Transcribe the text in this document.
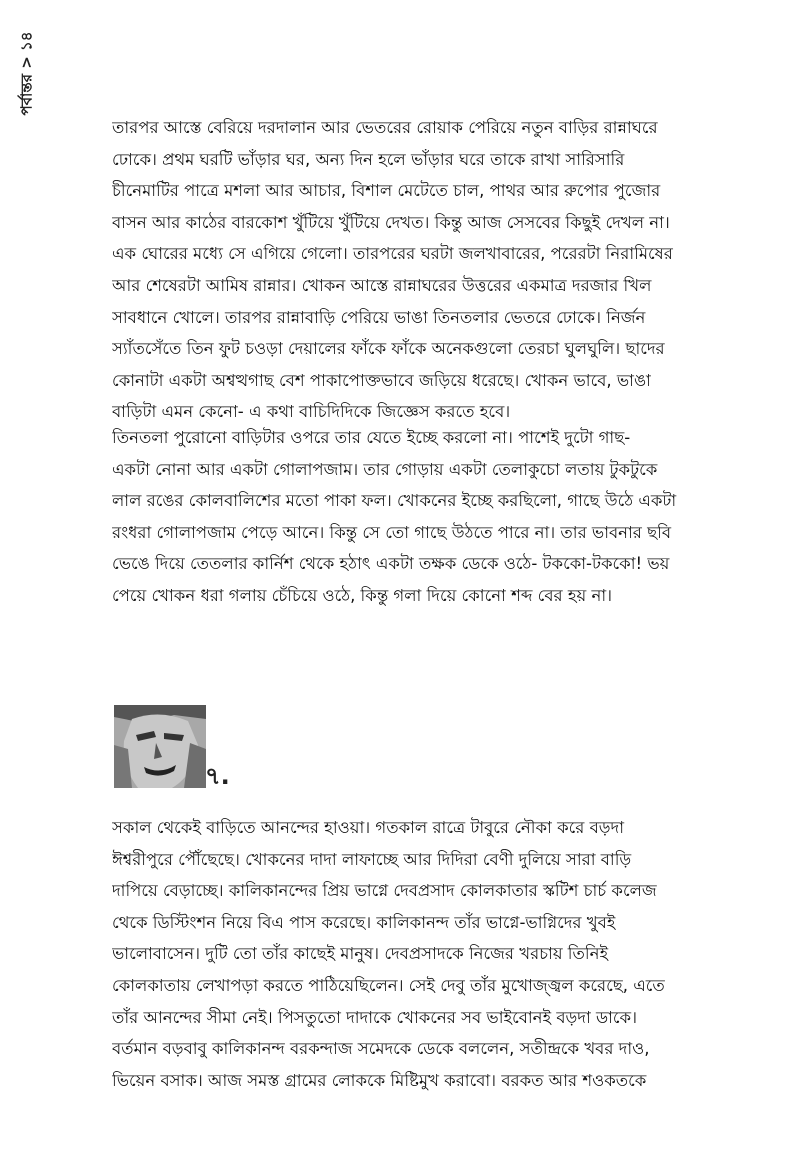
পর্বান্তর > ১৪
তারপর আস্তে বেরিয়ে দরদালান আর ভেতরের রোয়াক পেরিয়ে নতুন বাড়ির রান্নাঘরে
ঢোকে। প্রথম ঘরটি ভাঁড়ার ঘর, অন্য দিন হলে ভাঁড়ার ঘরে তাকে রাখা সারিসারি
চীনেমাটির পাত্রে মশলা আর আচার, বিশাল মেটেতে চাল, পাথর আর রুপোর পুজোর
বাসন আর কাঠের বারকোশ খুঁটিয়ে খুঁটিয়ে দেখত। কিন্তু আজ সেসবের কিছুই দেখল না।
এক ঘোরের মধ্যে সে এগিয়ে গেলো। তারপরের ঘরটা জলখাবারের, পরেরটা নিরামিষের
আর শেষেরটা আমিষ রান্নার। খোকন আস্তে রান্নাঘরের উত্তরের একমাত্র দরজার খিল
সাবধানে খোলে। তারপর রান্নাবাড়ি পেরিয়ে ভাঙা তিনতলার ভেতরে ঢোকে। নির্জন
স্যাঁতসেঁতে তিন ফুট চওড়া দেয়ালের ফাঁকে ফাঁকে অনেকগুলো তেরচা ঘুলঘুলি। ছাদের
কোনাটা একটা অশ্বত্থগাছ বেশ পাকাপোক্তভাবে জড়িয়ে ধরেছে। খোকন ভাবে, ভাঙা
বাড়িটা এমন কেনো- এ কথা বাচিদিদিকে জিজ্ঞেস করতে হবে।
তিনতলা পুরোনো বাড়িটার ওপরে তার যেতে ইচ্ছে করলো না। পাশেই দুটো গাছ-
একটা নোনা আর একটা গোলাপজাম। তার গোড়ায় একটা তেলাকুচো লতায় টুকটুকে
লাল রঙের কোলবালিশের মতো পাকা ফল। খোকনের ইচ্ছে করছিলো, গাছে উঠে একটা
রংধরা গোলাপজাম পেড়ে আনে। কিন্তু সে তো গাছে উঠতে পারে না। তার ভাবনার ছবি
ভেঙে দিয়ে তেতলার কার্নিশ থেকে হঠাৎ একটা তক্ষক ডেকে ওঠে- টককো-টককো! ভয়
পেয়ে খোকন ধরা গলায় চেঁচিয়ে ওঠে, কিন্তু গলা দিয়ে কোনো শব্দ বের হয় না।
৭.
সকাল থেকেই বাড়িতে আনন্দের হাওয়া। গতকাল রাত্রে টাবুরে নৌকা করে বড়দা
ঈশ্বরীপুরে পৌঁছেছে। খোকনের দাদা লাফাচ্ছে আর দিদিরা বেণী দুলিয়ে সারা বাড়ি
দাপিয়ে বেড়াচ্ছে। কালিকানন্দের প্রিয় ভাগ্নে দেবপ্রসাদ কোলকাতার স্কটিশ চার্চ কলেজ
থেকে ডিস্টিংশন নিয়ে বিএ পাস করেছে। কালিকানন্দ তাঁর ভাগ্নে-ভাগ্নিদের খুবই
ভালোবাসেন। দুটি তো তাঁর কাছেই মানুষ। দেবপ্রসাদকে নিজের খরচায় তিনিই
কোলকাতায় লেখাপড়া করতে পাঠিয়েছিলেন। সেই দেবু তাঁর মুখোজ্জ্বল করেছে, এতে
তাঁর আনন্দের সীমা নেই। পিসতুতো দাদাকে খোকনের সব ভাইবোনই বড়দা ডাকে।
বর্তমান বড়বাবু কালিকানন্দ বরকন্দাজ সমেদকে ডেকে বললেন, সতীন্দ্রকে খবর দাও,
ভিয়েন বসাক। আজ সমস্ত গ্রামের লোককে মিষ্টিমুখ করাবো। বরকত আর শওকতকে
